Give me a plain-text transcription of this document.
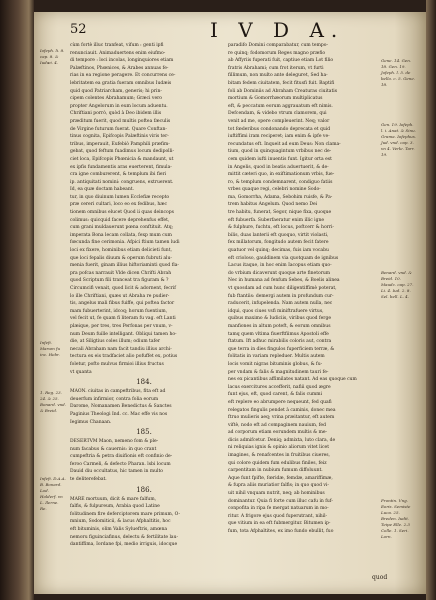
52	I V D A.
cùm fortè illuc tranfeat, vifum : genti ipfi
renunciauit. Animaduertens enim eiufmo-
di tempore : loci incolas, longinquiores etiam
Palæftinos, Phœnices, & Arabes annuas fe-
rias in ea regione peragere. Et concurrens ce-
lebritatem ea gratia fueram omnibus Iudæis
quid quod Patriarcham, generis; hi prin-
cipem colentes Abrahamum; Græci vero
propter Angelorum in eum locum aduentu.
Chriftiani porrò, quòd à Deo ibidem illis
præditum fuerit, quod multis poftea fæculis
de Virgine futurum fuerat. Quare Conftan-
tinus cognita, Epifcopis Palæftinis viris ter-
tribus, imperauit, Eufebiò Pamphili præfim-
gebat, quod feftum fuadimus locum dedipolli-
ciet loca, Epifcopis Phœnicia & mandaunt, ut
ex ipfis fundamentis aras euerterent, fimula-
cra igne comburerent, & templum ibi fieri
ip. antiquitati nomini: congruens, extruerent.
Id, ea quæ doctam habeant.
tur, in quo diuinum lumen Ecclefiæ recepto
præ cereri cultari, loco eo ex fedibus, hæc
tionem omnibus elucet Quod ii quas deincops
colimus: quicquid facere deprehenfus effet,
cum grani muldauerunt pœna conftituit. Atq;
imperata Bona lecam collata, fexp mum cum
fœcunda fine cerimonia. Afpici ftium tamen ludi
loci ex fixere, hominibus etiam delicieti funt,
que loci fepalis diuum & operum fubruti alu-
menia fuerit, ginam illius hiftoriaminti quod fla-
pra pofcas narrauit Vlde dicen Chrifti Abrah
quod Scriptum fili tranceat tra figuram & ?
Circumcifi venait, quod licit & adornent, fecrif
lo ille Chriftiani, quæs ut Abraha re pudier-
tis, angelus mali fibus fuiffe, qui poftea factor
mam fubuerterint, idcoq; horum fuentium,
vel fecit ut, fe quam fi literam fu vag. eft Lanti
plæique, per tres, tres Perfonas per vnum, v-
num Deum fuille intelligant. Obliqui tamen ho-
die, at Siligtius coles illum; odium tafer
necali Abraham nam facit tandiu illius archi-
tectura ex eis tradfaciet alio pofuffet ex, potius
foletur, pofto mulvus firmioi illius fructus
vt quanta
184.
MAON. ciuitas in campeftribus, fita eft ad
deuerfum infirmior, contra folia eorum
Darome, Nomanamen Benedictus & Sanctes
Paginius Theologi Ind. cc. Mac effe vis nos
Iegimus Chanaan.
185.
DESERTVM Maon, nemeno fom & ple-
num facabus & cauernis: in quo crant
cumpeftria & petra diuifionis eft confinio de-
feroo Carmeli, & defecto Pharan. lsbi locum
Dauid diu occultatus, hic tamen in multo
te deliterefebat.
186.
MARE mortuum, dicit & mare falfum,
falfis, & fulpureum, Arabia quod Latine
folitudinem fire deferciptorem mare primum, O-
mnium, Sodomiticii, & lacus Afphaltitis, hoc
eft bituminis, olim Valis Sylueftris, amœna
nemoru figuinciafinus, delectu & fertilitate lau-
dantiffima, Iordane fpi, medio irriguis, idocque
paradifo Domini comparabatur, cum tempo-
re quinq; fodomorum Reges magno præfio
ab Affyriis fuperati fuit, captiue etiam Lot filio
fratris Abrahami; cum frot iterum, vt furti
fillimum, non multo ante deleguret, Sed ha-
bitam fedem ciuitatem, fecit fitusfi fuit. Baptifi
foli ab Dominiis ad Abraham Creaturas ciuitatis
mortium & Gomorrhæorum multiplicatus
eft, & peccatum eorum aggrauatum eft nimis.
Defcendam, & videbo vtrum clamorem, qui
venit ad me, opere compleuerint. Neq; valor
tot fœderibus condonando deprecata et quid
iuftiffimi iram reciperet; iam enim & ipfe ve-
recundatus eft. Inqueit ad eum Deus: Non clama-
tium, quod in quinquagintum vrbibus nec de-
cem quidem iufti inuentis funt. Igitur orta est
in Angelis, quod in beatis aduertuerit, & de-
mittit cæteri quo, in exiftimationum vrbis, fue-
ro, & templum condemnarent, condiguo fatiis
vrbes quaque regi, celebri nomine Sodo-
ma, Gomorrha, Adama, Sebohim ruisfe, & Pa-
trem habitus Angelum. Quod nemo Dei
tre habitu, funerat, Segor, nique fixa, quoque
eft fubuerfa. Suberfaeratur enim illic igne
& fulphure, fuchtu, eft locus, poftcerr & horri-
bilis, duas lanterii eft quoquo, virtit violasti,
fex millatorum, fongitudo autem fecit fatere
quatuor vel quinq; decimas, fuis iam vocabu
eft crioloso, gauldinem via quotquam de ignibus
Lacus itaque, in hoc enim Iacopus etiam quo-
do vrbium dicaverunt quoque arte finetorum
Nec in humana ad fenfum Sebes, & Boelis alinea
vt quosdam ad cum hunc diligentiffimè poterat,
fub ftantiis: demergi autem in profundum cur-
raducerit, infupelenda. Nam autem nulla, nec
idqui, quos ciues vsfi miniftrafuere virtus,
quibus maximo & Iudiciis, viribus quod ferge
manfiones in altum poteft, & eorum omnibus
tamq quem vltima fiuerftfiimus Apostoli effe
ftatum. Ift adhuc mirabilis coloris aut, contra
que terra in dies fingulos fuperficiem terræ, &
folitatis in variam repleduer. Multis autem
locis vomit nigras bituminis globus, & fu-
per vndam & falis & magnitudinem tauri fe-
nes ex picantibus affimilates natant. Ad eas quoque cum
lacus exercitures accefferit, nafiii quod ægre
funt ejus, eft, quod carent, & falis cummi
eft replere eo abrumpere nequeunt, fed quafi
relegatos fingulis pendet à caminis, donec mea
ftruo mulieris aeq; vrina præitantur, eft autem
viftè, nodo eft ad compaginem nauium, fed
ad corporum etiam eorundem multis & me-
dicis admifcetur. Deniq; admixta, luto clara, de
ni reliquias ignis & opinio aliorum vitet licet
imagines, & renafcentes in fruitibus ciueres,
qui colore quidem fum edulibus finiles, feiz
carpentitam in nubium fumum diffoluunt.
Aque funt fpifte, fœridæ, femdæ, amariffimæ,
& fupra aliis muriatior falfis; in quo quod vi-
uit nihil vnquam nutrit, neq; ab hominibus
dominantur. Quia fi forte cum illuc cafu in fuf-
conpofita in ripa fe mergat natuarum in mo-
ritur. A frigore ejus quod fuperutrant, nihil-
que vitium in ea eft fubmergitur. Bitumen ip-
fum, tota Afphaltites, ex imo fundo ebullit, fuo
Iofeph. li. 8. cap. 8. & Iudæi. 4.
Infefi. Marum fu inc. Hebr.
1. Reg. 23. 24. & 25. Bonard. vnd. & Breid.
Infefi. D.A.A. B. Bonard. Lod. Holderf. vn L. Ilerne. Re.
Gene. 14. Gen. 18. Gen. 19. Jofeph. l. 5. de bello. c. 5. Gene. 18.
Gen. 19. Iofeph. l. i. Anat. & Sinu. Grama. Iofephus. Jud. vnd. cap. 3. vn 4. Verle. Tarr. 19.
Benard. vnd. & Breid. 10. Maudc. cap. 27. Li. 4. Iud. 2. 8. Sel. bell. L. 4.
Frontin. Vng. Eoris. Semiste Luca. 25. Breden. Iudit. Teipe Elle. 2.3 Colle. 1. Seri. Lorn.
quod
